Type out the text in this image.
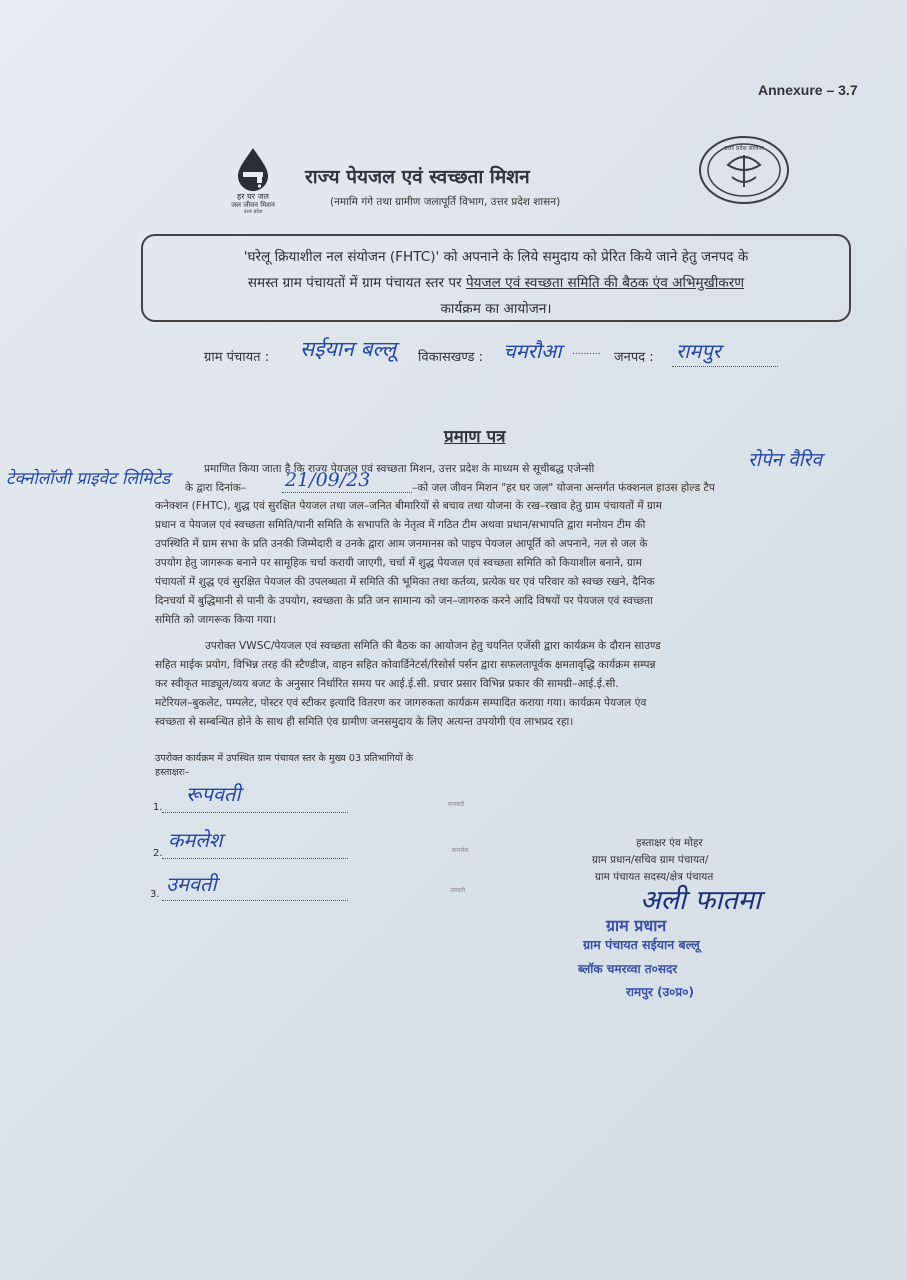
Annexure – 3.7
हर घर जल
जल जीवन मिशन
उत्तर प्रदेश
राज्य पेयजल एवं स्वच्छता मिशन
(नमामि गंगे तथा ग्रामीण जलापूर्ति विभाग, उत्तर प्रदेश शासन)
उत्तर प्रदेश सरकार
'घरेलू क्रियाशील नल संयोजन (FHTC)' को अपनाने के लिये समुदाय को प्रेरित किये जाने हेतु जनपद के
समस्त ग्राम पंचायतों में ग्राम पंचायत स्तर पर पेयजल एवं स्वच्छता समिति की बैठक एंव अभिमुखीकरण
कार्यक्रम का आयोजन।
ग्राम पंचायत : सईयान बल्लू विकासखण्ड : चमरौआ .......... जनपद : रामपुर
प्रमाण पत्र
रोपेन वैरिव
टेक्नोलॉजी प्राइवेट लिमिटेड	प्रमाणित किया जाता है कि राज्य पेयजल एवं स्वच्छता मिशन, उत्तर प्रदेश के माध्यम से सूचीबद्ध एजेन्सी
के द्वारा दिनांक– 21/09/23	–को जल जीवन मिशन "हर घर जल" योजना अन्तर्गत फंक्शनल हाउस होल्ड टैप
कनेक्शन (FHTC), शुद्ध एवं सुरक्षित पेयजल तथा जल–जनित बीमारियों से बचाव तथा योजना के रख–रखाव हेतु ग्राम पंचायतों में ग्राम
प्रधान व पेयजल एवं स्वच्छता समिति/पानी समिति के सभापति के नेतृत्व में गठित टीम अथवा प्रधान/सभापति द्वारा मनोयन टीम की
उपस्थिति में ग्राम सभा के प्रति उनकी जिम्मेदारी व उनके द्वारा आम जनमानस को पाइप पेयजल आपूर्ति को अपनाने, नल से जल के
उपयोग हेतु जागरूक बनाने पर सामूहिक चर्चा करायी जाएगी, चर्चा में शुद्ध पेयजल एवं स्वच्छता समिति को कियाशील बनाने, ग्राम
पंचायतों में शुद्ध एवं सुरक्षित पेयजल की उपलब्धता में समिति की भूमिका तथा कर्तव्य, प्रत्येक घर एवं परिवार को स्वच्छ रखने, दैनिक
दिनचर्या में बुद्धिमानी से पानी के उपयोग, स्वच्छता के प्रति जन सामान्य को जन–जागरुक करने आदि विषयों पर पेयजल एवं स्वच्छता
समिति को जागरूक किया गया।
उपरोक्त VWSC/पेयजल एवं स्वच्छता समिति की बैठक का आयोजन हेतु चयनित एजेंसी द्वारा कार्यक्रम के दौरान साउण्ड
सहित माईक प्रयोग, विभिन्न तरह की स्टैण्डीज, वाहन सहित कोवार्डिनेटर्स/रिसोर्स पर्सन द्वारा सफलतापूर्वक क्षमतावृद्धि कार्यक्रम सम्पन्न
कर स्वीकृत माड्यूल/व्यय बजट के अनुसार निर्धारित समय पर आई.ई.सी. प्रचार प्रसार विभिन्न प्रकार की सामग्री–आई.ई.सी.
मटेरियल–बुकलेट, पम्पलेट, पोस्टर एवं स्टीकर इत्यादि वितरण कर जागरुकता कार्यक्रम सम्पादित कराया गया। कार्यक्रम पेयजल एंव
स्वच्छता से सम्बन्धित होने के साथ ही समिति एंव ग्रामीण जनसमुदाय के लिए अत्यन्त उपयोगी एंव लाभप्रद रहा।
उपरोक्त कार्यक्रम में उपस्थित ग्राम पंचायत स्तर के मुख्य 03 प्रतिभागियों के
हस्ताक्षरः–
1.
रूपवती	रूपवती
2.
कमलेश	कमलेश
3. उमवती	उमवती
हस्ताक्षर एंव मोहर
ग्राम प्रधान/सचिव ग्राम पंचायत/
ग्राम पंचायत सदस्य/क्षेत्र पंचायत
अली फातमा
ग्राम प्रधान
ग्राम पंचायत सईयान बल्लू
ब्लॉक चमरव्वा त०सदर
रामपुर (उ०प्र०)
